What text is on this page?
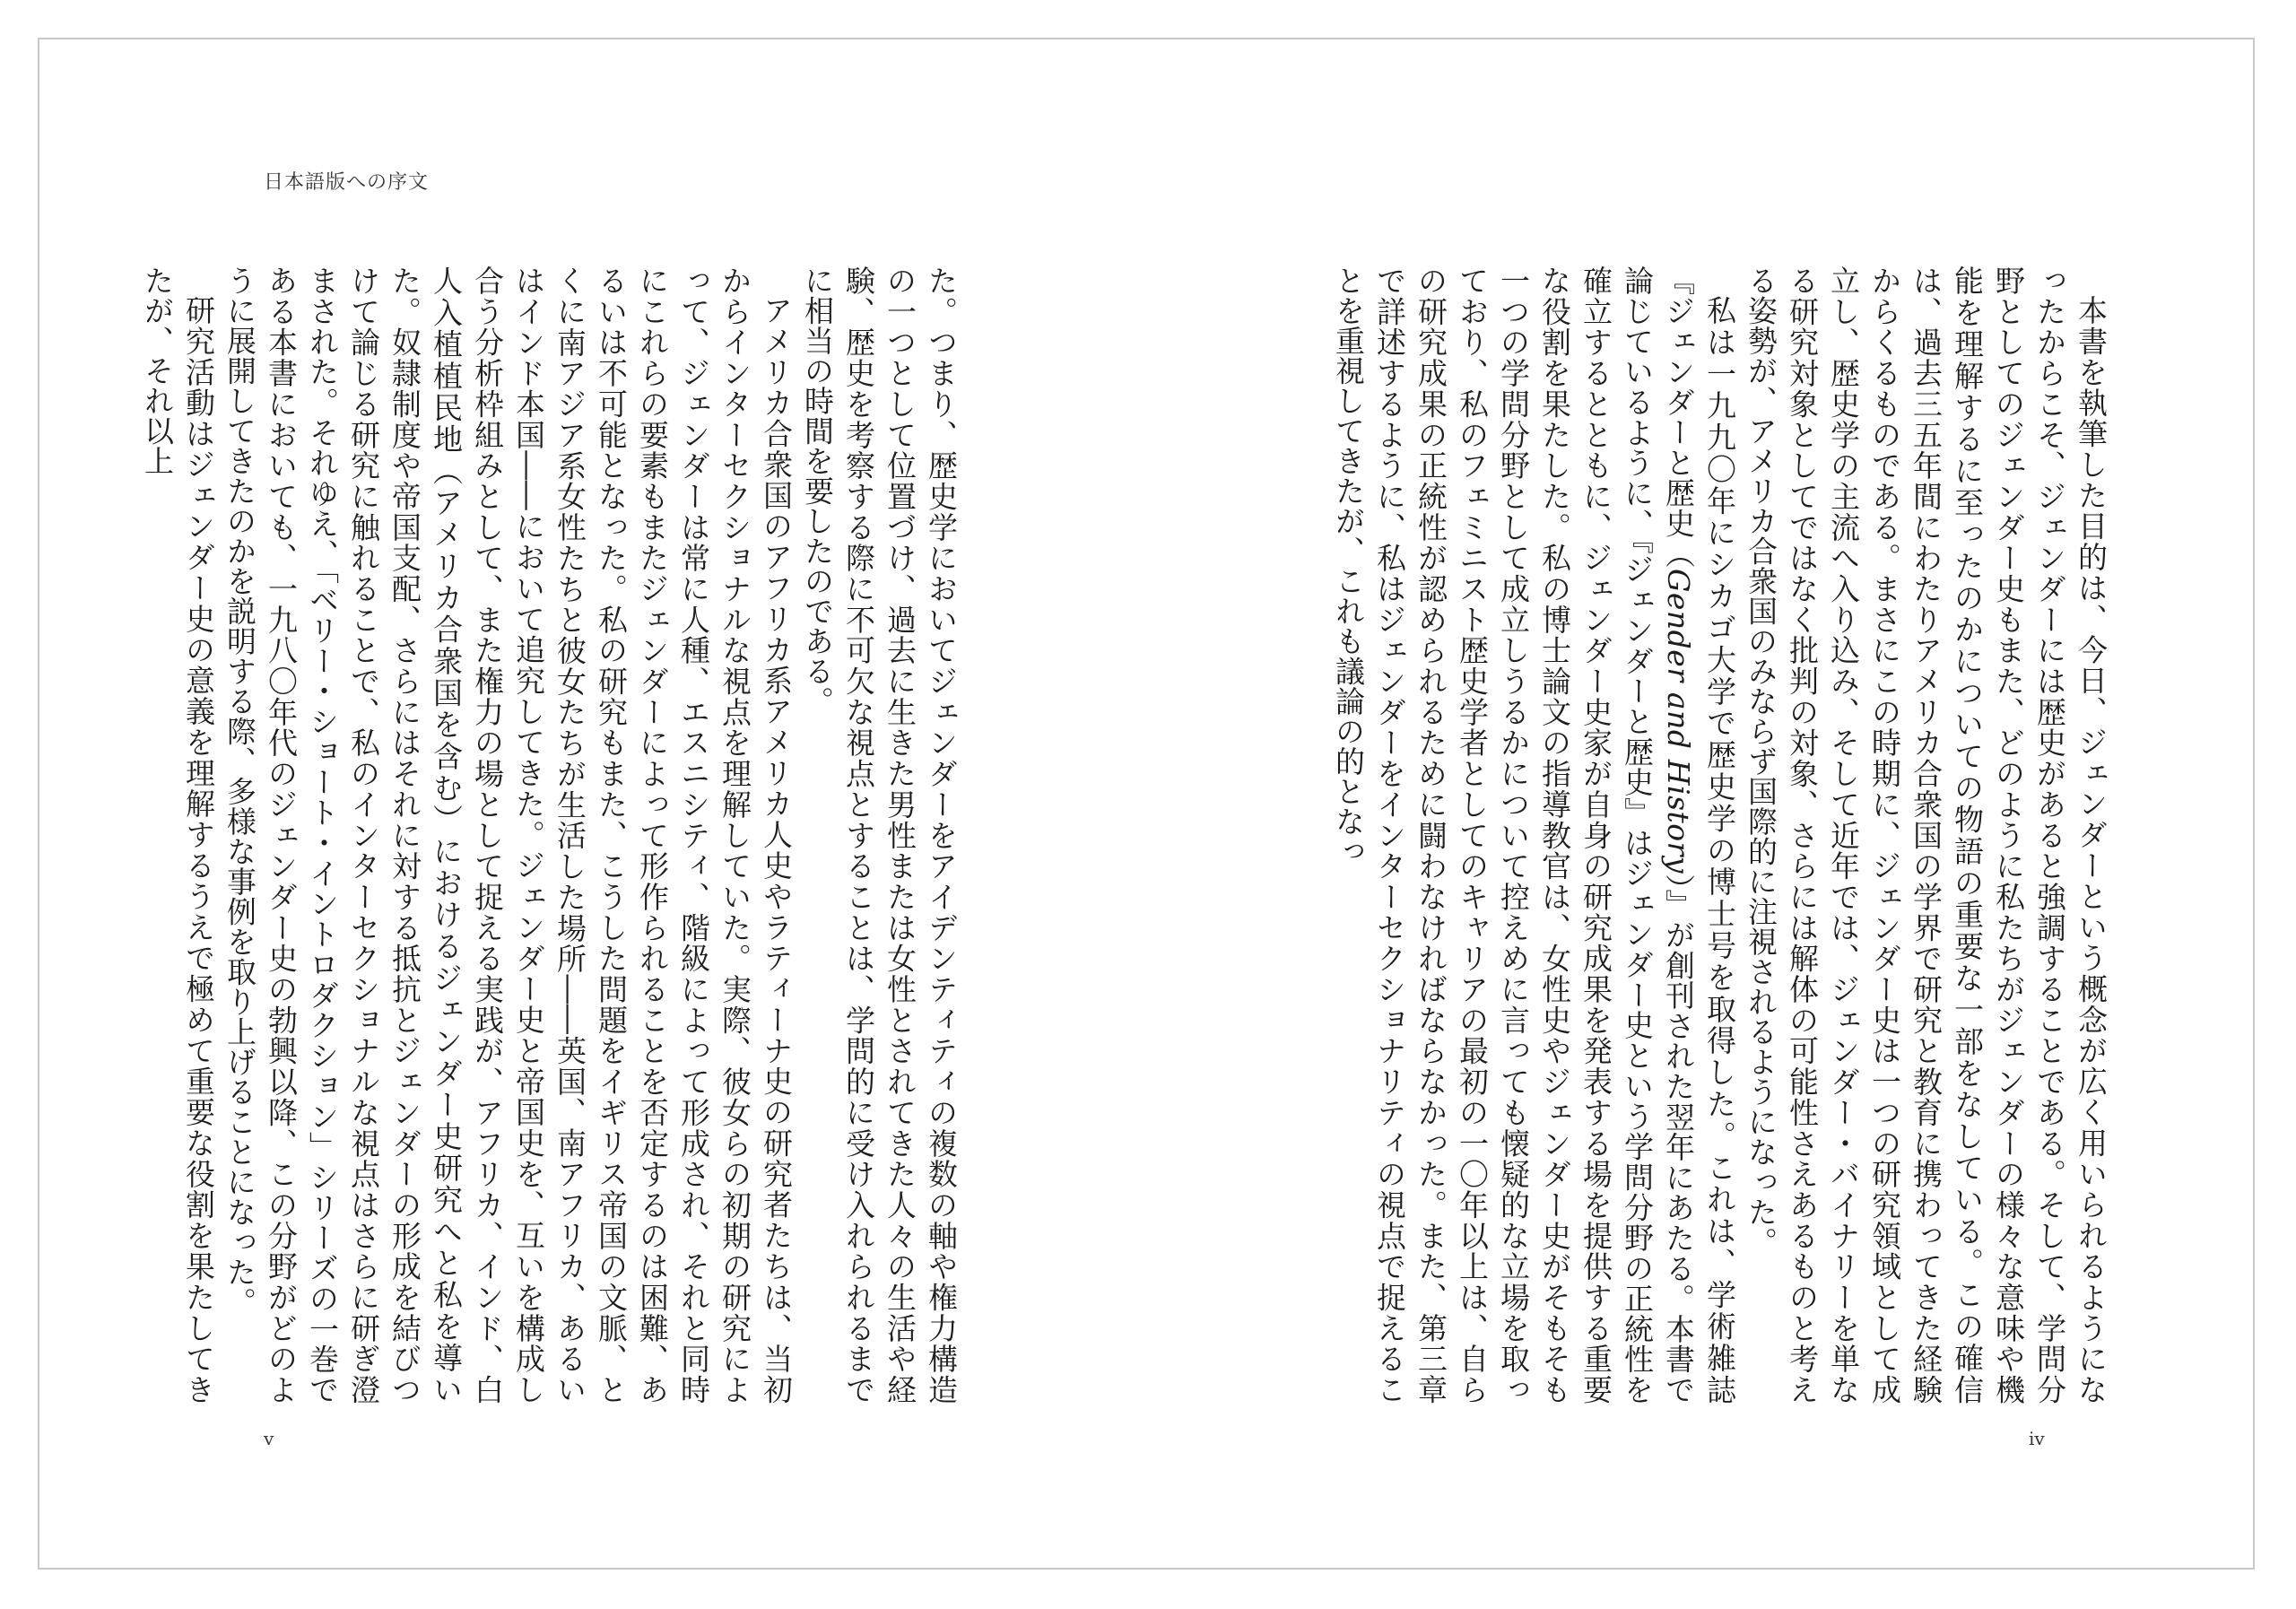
日本語版への序文

本書を執筆した目的は、今日、ジェンダーという概念が広く用いられるようになったからこそ、ジェンダーには歴史があると強調することである。そして、学問分野としてのジェンダー史もまた、どのように私たちがジェンダーの様々な意味や機能を理解するに至ったのかについての物語の重要な一部をなしている。この確信は、過去三五年間にわたりアメリカ合衆国の学界で研究と教育に携わってきた経験からくるものである。まさにこの時期に、ジェンダー史は一つの研究領域として成立し、歴史学の主流へ入り込み、そして近年では、ジェンダー・バイナリーを単なる研究対象としてではなく批判の対象、さらには解体の可能性さえあるものと考える姿勢が、アメリカ合衆国のみならず国際的に注視されるようになった。

私は一九九〇年にシカゴ大学で歴史学の博士号を取得した。これは、学術雑誌『ジェンダーと歴史（Gender and History）』が創刊された翌年にあたる。本書で論じているように、『ジェンダーと歴史』はジェンダー史という学問分野の正統性を確立するとともに、ジェンダー史家が自身の研究成果を発表する場を提供する重要な役割を果たした。私の博士論文の指導教官は、女性史やジェンダー史がそもそも一つの学問分野として成立しうるかについて控えめに言っても懐疑的な立場を取っており、私のフェミニスト歴史学者としてのキャリアの最初の一〇年以上は、自らの研究成果の正統性が認められるために闘わなければならなかった。また、第三章で詳述するように、私はジェンダーをインターセクショナリティの視点で捉えることを重視してきたが、これも議論の的となっ

た。つまり、歴史学においてジェンダーをアイデンティティの複数の軸や権力構造の一つとして位置づけ、過去に生きた男性または女性とされてきた人々の生活や経験、歴史を考察する際に不可欠な視点とすることは、学問的に受け入れられるまでに相当の時間を要したのである。

アメリカ合衆国のアフリカ系アメリカ人史やラティーナ史の研究者たちは、当初からインターセクショナルな視点を理解していた。実際、彼女らの初期の研究によって、ジェンダーは常に人種、エスニシティ、階級によって形成され、それと同時にこれらの要素もまたジェンダーによって形作られることを否定するのは困難、あるいは不可能となった。私の研究もまた、こうした問題をイギリス帝国の文脈、とくに南アジア系女性たちと彼女たちが生活した場所――英国、南アフリカ、あるいはインド本国――において追究してきた。ジェンダー史と帝国史を、互いを構成し合う分析枠組みとして、また権力の場として捉える実践が、アフリカ、インド、白人入植植民地（アメリカ合衆国を含む）におけるジェンダー史研究へと私を導いた。奴隷制度や帝国支配、さらにはそれに対する抵抗とジェンダーの形成を結びつけて論じる研究に触れることで、私のインターセクショナルな視点はさらに研ぎ澄まされた。それゆえ、「ベリー・ショート・イントロダクション」シリーズの一巻である本書においても、一九八〇年代のジェンダー史の勃興以降、この分野がどのように展開してきたのかを説明する際、多様な事例を取り上げることになった。

研究活動はジェンダー史の意義を理解するうえで極めて重要な役割を果たしてきたが、それ以上

iv
v
